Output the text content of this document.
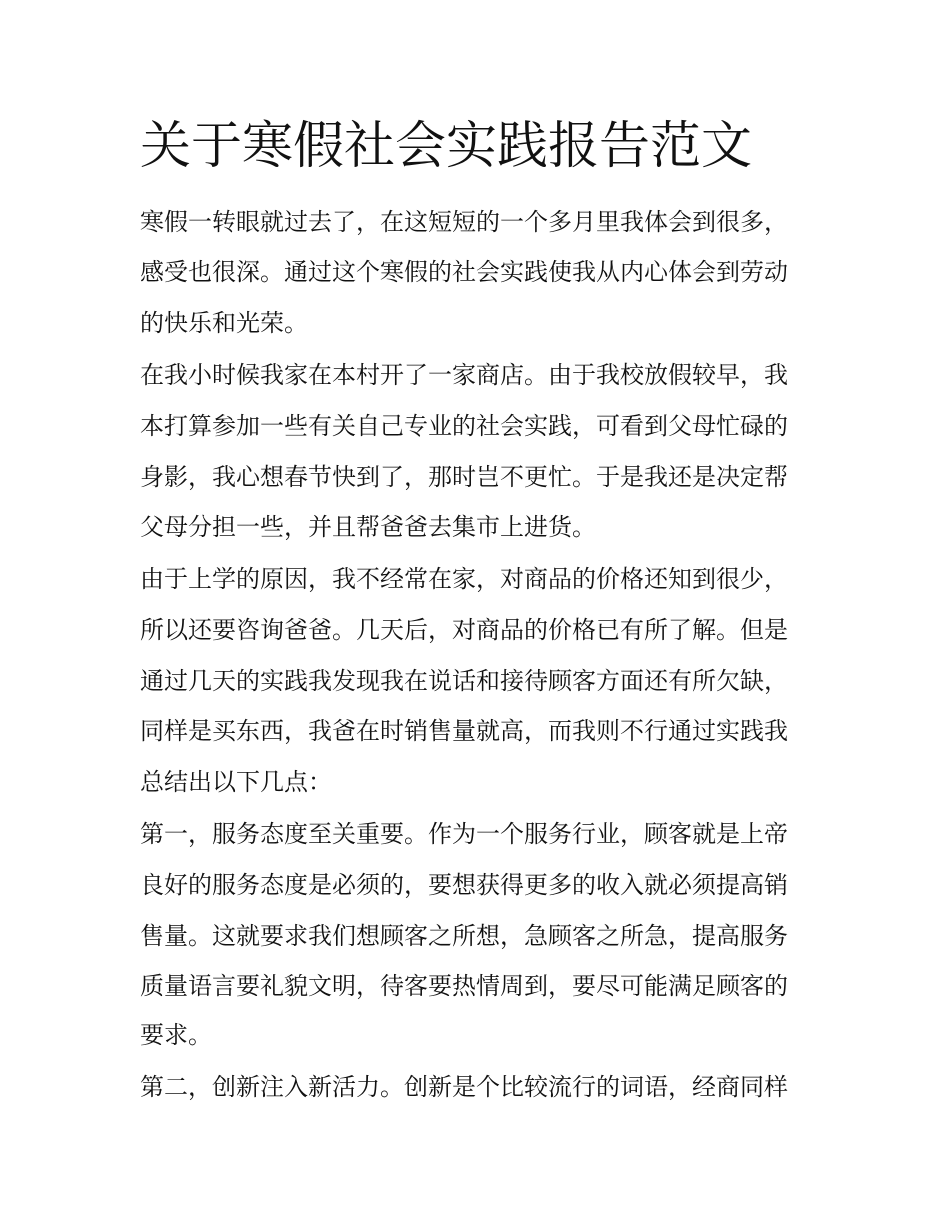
关于寒假社会实践报告范文

寒假一转眼就过去了，在这短短的一个多月里我体会到很多，

感受也很深。通过这个寒假的社会实践使我从内心体会到劳动

的快乐和光荣。

在我小时候我家在本村开了一家商店。由于我校放假较早，我

本打算参加一些有关自己专业的社会实践，可看到父母忙碌的

身影，我心想春节快到了，那时岂不更忙。于是我还是决定帮

父母分担一些，并且帮爸爸去集市上进货。

由于上学的原因，我不经常在家，对商品的价格还知到很少，

所以还要咨询爸爸。几天后，对商品的价格已有所了解。但是

通过几天的实践我发现我在说话和接待顾客方面还有所欠缺，

同样是买东西，我爸在时销售量就高，而我则不行通过实践我

总结出以下几点：

第一，服务态度至关重要。作为一个服务行业，顾客就是上帝

良好的服务态度是必须的，要想获得更多的收入就必须提高销

售量。这就要求我们想顾客之所想，急顾客之所急，提高服务

质量语言要礼貌文明，待客要热情周到，要尽可能满足顾客的

要求。

第二，创新注入新活力。创新是个比较流行的词语，经商同样
